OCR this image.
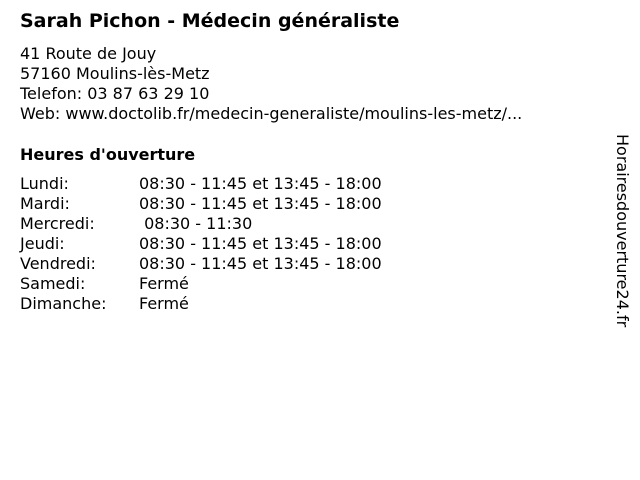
Sarah Pichon - Médecin généraliste
41 Route de Jouy
57160 Moulins-lès-Metz
Telefon: 03 87 63 29 10
Web: www.doctolib.fr/medecin-generaliste/moulins-les-metz/...
Heures d'ouverture
Lundi:	08:30 - 11:45 et 13:45 - 18:00
Mardi:	08:30 - 11:45 et 13:45 - 18:00
Mercredi:	08:30 - 11:30
Jeudi:	08:30 - 11:45 et 13:45 - 18:00
Vendredi:	08:30 - 11:45 et 13:45 - 18:00
Samedi:	Fermé
Dimanche: Fermé	Horairesdouverture24.fr
